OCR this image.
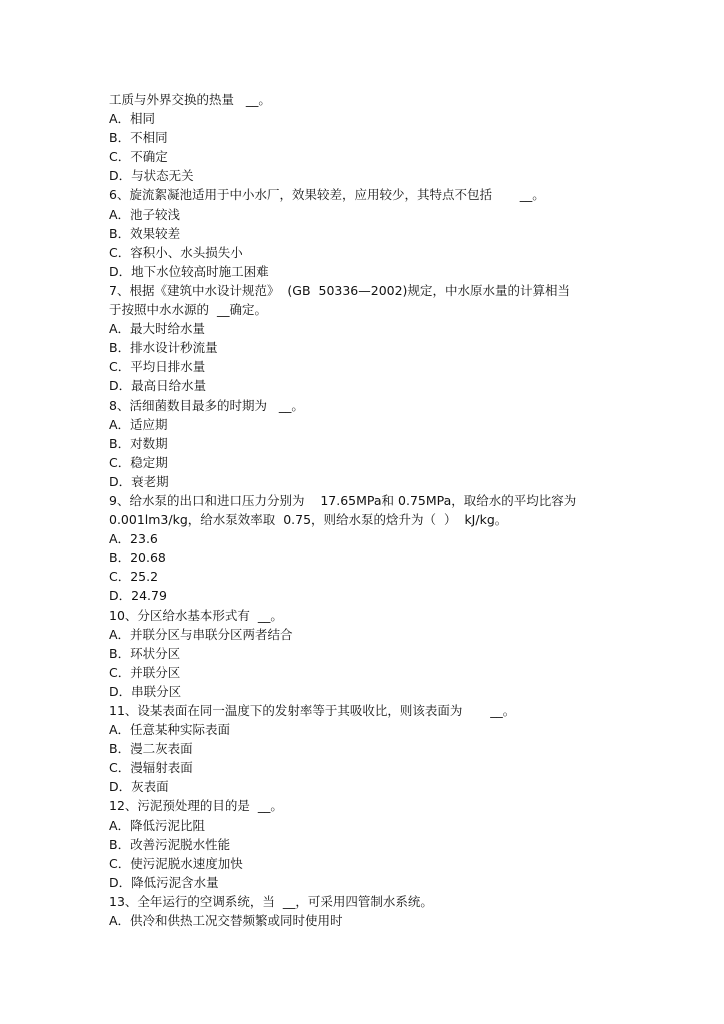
工质与外界交换的热量   __。
A．相同
B．不相同
C．不确定
D．与状态无关
6、旋流絮凝池适用于中小水厂，效果较差，应用较少，其特点不包括       __。
A．池子较浅
B．效果较差
C．容积小、水头损失小
D．地下水位较高时施工困难
7、根据《建筑中水设计规范》  (GB  50336—2002)规定，中水原水量的计算相当
于按照中水水源的  __确定。
A．最大时给水量
B．排水设计秒流量
C．平均日排水量
D．最高日给水量
8、活细菌数目最多的时期为   __。
A．适应期
B．对数期
C．稳定期
D．衰老期
9、给水泵的出口和进口压力分别为    17.65MPa和 0.75MPa，取给水的平均比容为
0.001lm3/kg，给水泵效率取  0.75，则给水泵的焓升为（  ）  kJ/kg。
A．23.6
B．20.68
C．25.2
D．24.79
10、分区给水基本形式有  __。
A．并联分区与串联分区两者结合
B．环状分区
C．并联分区
D．串联分区
11、设某表面在同一温度下的发射率等于其吸收比，则该表面为       __。
A．任意某种实际表面
B．漫二灰表面
C．漫辐射表面
D．灰表面
12、污泥预处理的目的是  __。
A．降低污泥比阻
B．改善污泥脱水性能
C．使污泥脱水速度加快
D．降低污泥含水量
13、全年运行的空调系统，当  __，可采用四管制水系统。
A．供冷和供热工况交替频繁或同时使用时
